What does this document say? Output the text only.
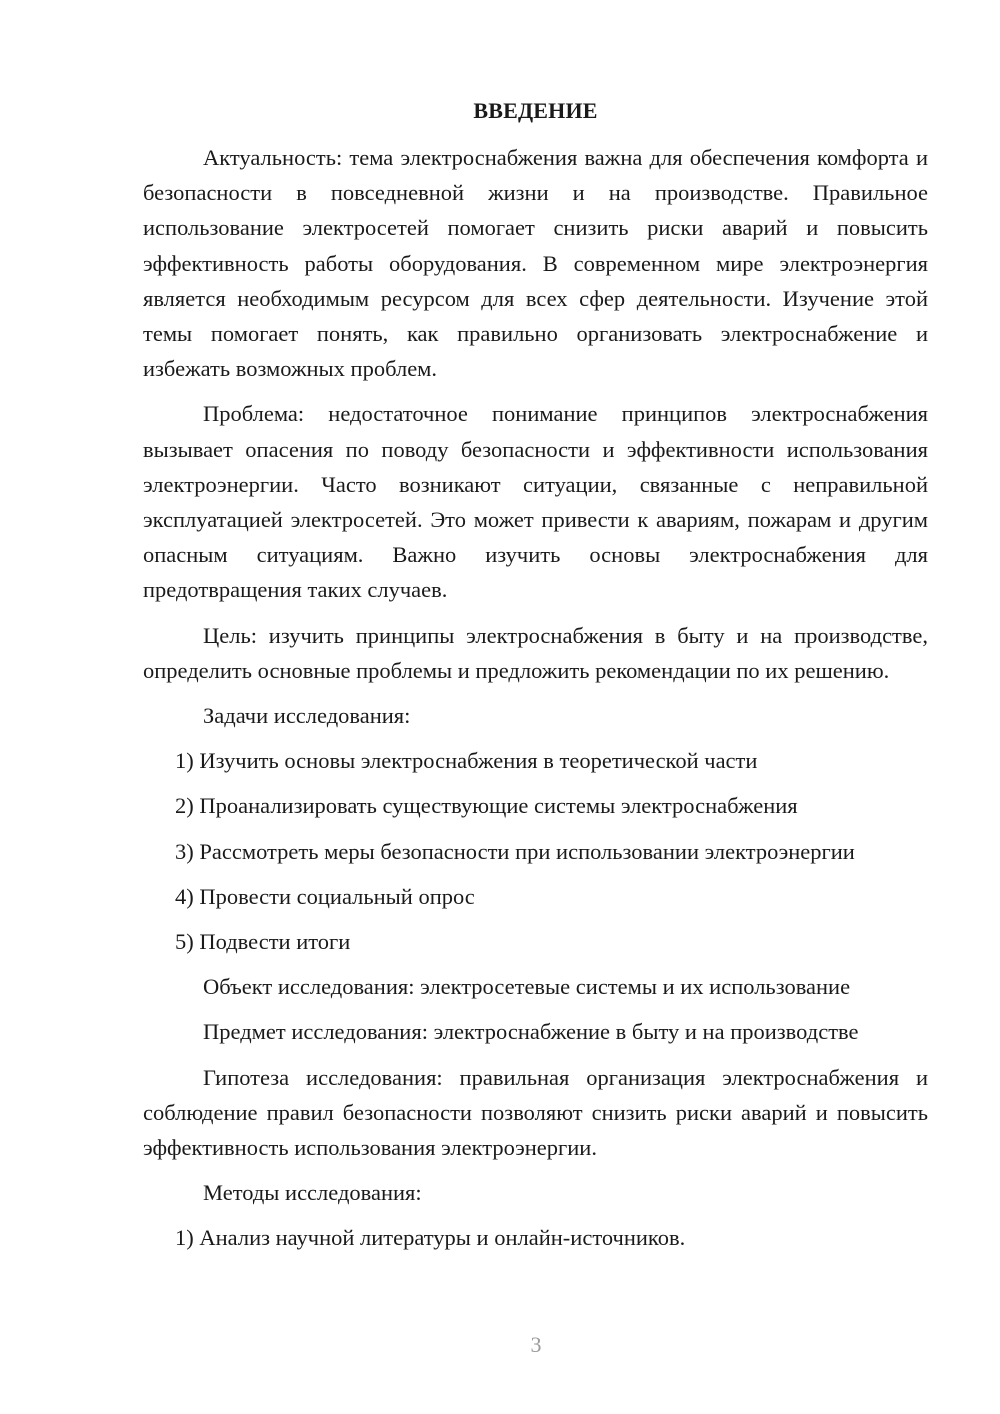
ВВЕДЕНИЕ

Актуальность: тема электроснабжения важна для обеспечения комфорта и безопасности в повседневной жизни и на производстве. Правильное использование электросетей помогает снизить риски аварий и повысить эффективность работы оборудования. В современном мире электроэнергия является необходимым ресурсом для всех сфер деятельности. Изучение этой темы помогает понять, как правильно организовать электроснабжение и избежать возможных проблем.

Проблема: недостаточное понимание принципов электроснабжения вызывает опасения по поводу безопасности и эффективности использования электроэнергии. Часто возникают ситуации, связанные с неправильной эксплуатацией электросетей. Это может привести к авариям, пожарам и другим опасным ситуациям. Важно изучить основы электроснабжения для предотвращения таких случаев.

Цель: изучить принципы электроснабжения в быту и на производстве, определить основные проблемы и предложить рекомендации по их решению.

Задачи исследования:

1) Изучить основы электроснабжения в теоретической части
2) Проанализировать существующие системы электроснабжения
3) Рассмотреть меры безопасности при использовании электроэнергии
4) Провести социальный опрос
5) Подвести итоги

Объект исследования: электросетевые системы и их использование

Предмет исследования: электроснабжение в быту и на производстве

Гипотеза исследования: правильная организация электроснабжения и соблюдение правил безопасности позволяют снизить риски аварий и повысить эффективность использования электроэнергии.

Методы исследования:

1) Анализ научной литературы и онлайн-источников.
3
